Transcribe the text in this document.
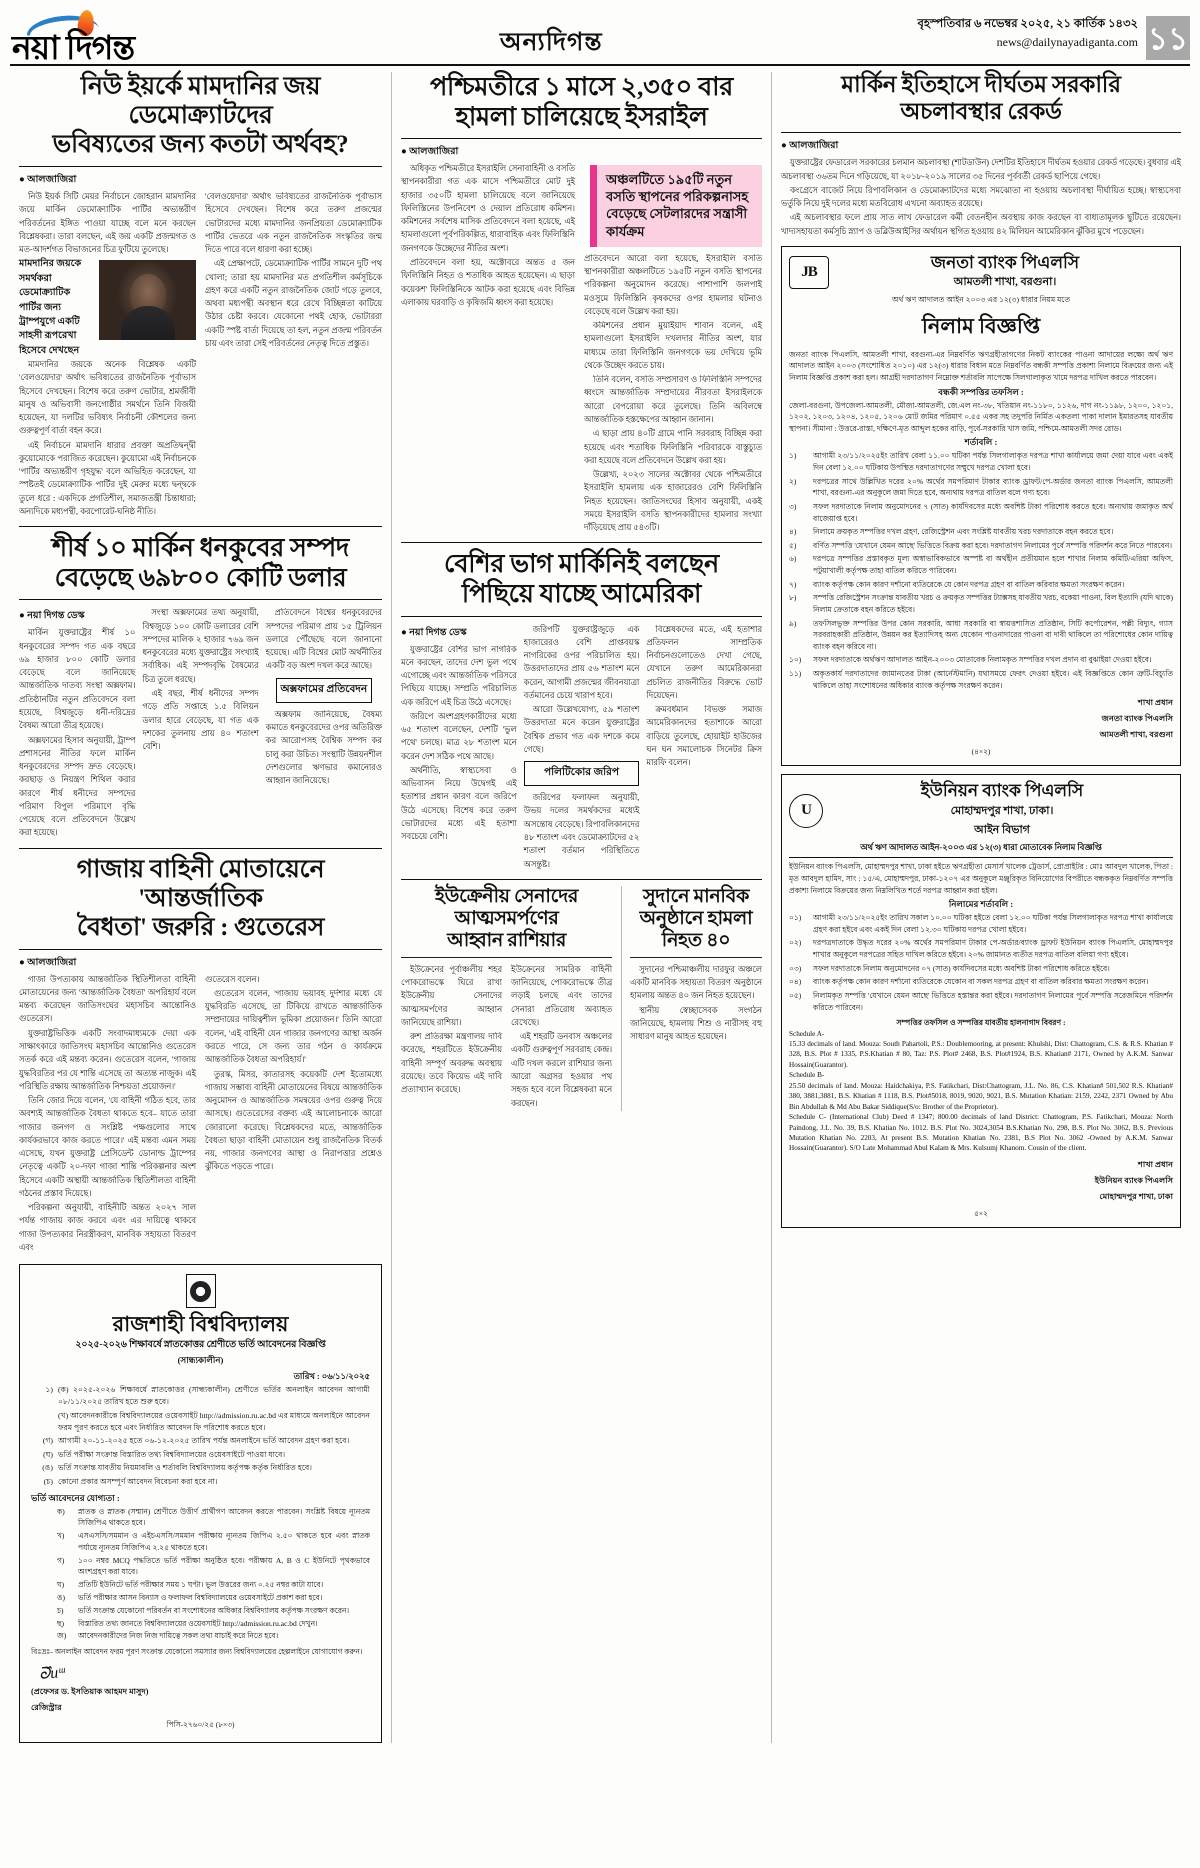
নয়া দিগন্ত	অন্যদিগন্ত
বৃহস্পতিবার ৬ নভেম্বর ২০২৫, ২১ কার্তিক ১৪৩২
news@dailynayadiganta.com ১১
নিউ ইয়র্কে মামদানির জয় ডেমোক্র্যাটদের
ভবিষ্যতের জন্য কতটা অর্থবহ?
● আলজাজিরা

নিউ ইয়র্ক সিটি মেয়র নির্বাচনে জোহরান মামদানির জয়ে মার্কিন ডেমোক্র্যাটিক পার্টির অভ্যন্তরীণ পরিবর্তনের ইঙ্গিত পাওয়া যাচ্ছে বলে মনে করছেন বিশ্লেষকরা। তারা বলছেন, এই জয় একটি প্রজন্মগত ও মত-আদর্শগত বিভাজনের চিত্র ফুটিয়ে তুলেছে।

মামদানির জয়কে সমর্থকরা ডেমোক্র্যাটিক পার্টির জন্য ট্রাম্পযুগে একটি সাহসী রূপরেখা হিসেবে দেখছেন

মামদানির জয়কে অনেক বিশ্লেষক একটি 'বেলওয়েদার' অর্থাৎ ভবিষ্যতের রাজনৈতিক পূর্বাভাস হিসেবে দেখছেন। বিশেষ করে তরুণ ভোটার, শ্রমজীবী মানুষ ও অভিবাসী জনগোষ্ঠীর সমর্থনে তিনি বিজয়ী হয়েছেন, যা দলটির ভবিষ্যৎ নির্বাচনী কৌশলের জন্য গুরুত্বপূর্ণ বার্তা বহন করে।

এই নির্বাচনে মামদানি ধারার প্রবক্তা অপ্রতিদ্বন্দ্বী কুয়োমোকে পরাজিত করেছেন। কুয়োমো এই নির্বাচনকে 'পার্টির অভ্যন্তরীণ গৃহযুদ্ধ' বলে অভিহিত করেছেন, যা স্পষ্টতই ডেমোক্র্যাটিক পার্টির দুই মেরুর মধ্যে দ্বন্দ্বকে তুলে ধরে : একদিকে প্রগতিশীল, সমাজতন্ত্রী চিন্তাধারা; অন্যদিকে মধ্যপন্থী, করপোরেট-ঘনিষ্ঠ নীতি।

'বেলওয়েদার' অর্থাৎ ভবিষ্যতের রাজনৈতিক পূর্বাভাস হিসেবে দেখছেন। বিশেষ করে তরুণ প্রজন্মের ভোটারদের মধ্যে মামদানির জনপ্রিয়তা ডেমোক্র্যাটিক পার্টির ভেতরে এক নতুন রাজনৈতিক সংস্কৃতির জন্ম দিতে পারে বলে ধারণা করা হচ্ছে।

এই প্রেক্ষাপটে, ডেমোক্র্যাটিক পার্টির সামনে দুটি পথ খোলা; তারা হয় মামদানির মত প্রগতিশীল কর্মসূচিকে গ্রহণ করে একটি নতুন রাজনৈতিক জোট গড়ে তুলবে, অথবা মধ্যপন্থী অবস্থান ধরে রেখে বিচ্ছিন্নতা কাটিয়ে উঠার চেষ্টা করবে। যেকোনো পথই হোক, ভোটাররা একটি স্পষ্ট বার্তা দিয়েছে তা হল, নতুন প্রজন্ম পরিবর্তন চায় এবং তারা সেই পরিবর্তনের নেতৃত্ব দিতে প্রস্তুত।

শীর্ষ ১০ মার্কিন ধনকুবের সম্পদ
বেড়েছে ৬৯৮০০ কোটি ডলার
● নয়া দিগন্ত ডেস্ক

মার্কিন যুক্তরাষ্ট্রের শীর্ষ ১০ ধনকুবেরের সম্পদ গত এক বছরে ৬৯ হাজার ৮০০ কোটি ডলার বেড়েছে বলে জানিয়েছে আন্তর্জাতিক দাতব্য সংস্থা অক্সফাম। প্রতিষ্ঠানটির নতুন প্রতিবেদনে বলা হয়েছে, বিশ্বজুড়ে ধনী-দরিদ্রের বৈষম্য আরো তীব্র হয়েছে।

অক্সফামের হিসাব অনুযায়ী, ট্রাম্প প্রশাসনের নীতির ফলে মার্কিন ধনকুবেরদের সম্পদ দ্রুত বেড়েছে। করছাড় ও নিয়ন্ত্রণ শিথিল করার কারণে শীর্ষ ধনীদের সম্পদের পরিমাণ বিপুল পরিমাণে বৃদ্ধি পেয়েছে বলে প্রতিবেদনে উল্লেখ করা হয়েছে।

সংস্থা অক্সফামের তথ্য অনুযায়ী, বিশ্বজুড়ে ১০০ কোটি ডলারের বেশি সম্পদের মালিক ২ হাজার ৭৬৯ জন ধনকুবেরের মধ্যে যুক্তরাষ্ট্রের সংখ্যাই সর্বাধিক। এই সম্পদবৃদ্ধি বৈষম্যের চিত্র তুলে ধরছে।

এই বছর, শীর্ষ ধনীদের সম্পদ গড়ে প্রতি সপ্তাহে ১.৫ বিলিয়ন ডলার হারে বেড়েছে, যা গত এক দশকের তুলনায় প্রায় ৪০ শতাংশ বেশি।

প্রতিবেদনে বিশ্বের ধনকুবেরদের সম্পদের পরিমাণ প্রায় ১৫ ট্রিলিয়ন ডলারে পৌঁছেছে বলে জানানো হয়েছে। এটি বিশ্বের মোট অর্থনীতির একটি বড় অংশ দখল করে আছে।

অক্সফামের প্রতিবেদন

অক্সফাম জানিয়েছে, বৈষম্য কমাতে ধনকুবেরদের ওপর অতিরিক্ত কর আরোপসহ বৈশ্বিক সম্পদ কর চালু করা উচিত। সংস্থাটি উন্নয়নশীল দেশগুলোর ঋণভার কমানোরও আহ্বান জানিয়েছে।

গাজায় বাহিনী মোতায়েনে 'আন্তর্জাতিক
বৈধতা' জরুরি : গুতেরেস
● আলজাজিরা

গাজা উপত্যকায় আন্তর্জাতিক স্থিতিশীলতা বাহিনী মোতায়েনের জন্য 'আন্তর্জাতিক বৈধতা' অপরিহার্য বলে মন্তব্য করেছেন জাতিসংঘের মহাসচিব আন্তোনিও গুতেরেস।

যুক্তরাষ্ট্রভিত্তিক একটি সংবাদমাধ্যমকে দেয়া এক সাক্ষাৎকারে জাতিসংঘ মহাসচিব আন্তোনিও গুতেরেস সতর্ক করে এই মন্তব্য করেন। গুতেরেস বলেন, 'গাজায় যুদ্ধবিরতির পর যে শান্তি এসেছে তা অত্যন্ত নাজুক। এই পরিস্থিতি রক্ষায় আন্তর্জাতিক নিশ্চয়তা প্রয়োজন।'

তিনি জোর দিয়ে বলেন, 'যে বাহিনী গঠিত হবে, তার অবশ্যই আন্তর্জাতিক বৈধতা থাকতে হবে– যাতে তারা গাজার জনগণ ও সংশ্লিষ্ট পক্ষগুলোর সাথে কার্যকরভাবে কাজ করতে পারে।' এই মন্তব্য এমন সময় এসেছে, যখন যুক্তরাষ্ট্র প্রেসিডেন্ট ডোনাল্ড ট্রাম্পের নেতৃত্বে একটি ২০-দফা গাজা শান্তি পরিকল্পনার অংশ হিসেবে একটি অস্থায়ী আন্তর্জাতিক স্থিতিশীলতা বাহিনী গঠনের প্রস্তাব দিয়েছে।

পরিকল্পনা অনুযায়ী, বাহিনীটি অন্তত ২০২৭ সাল পর্যন্ত গাজায় কাজ করবে এবং এর দায়িত্বে থাকবে গাজা উপত্যকার নিরস্ত্রীকরণ, মানবিক সহায়তা বিতরণ এবং

গুতেরেস বলেন।

গুতেরেস বলেন, 'গাজায় ভয়াবহ দুর্দশার মধ্যে যে যুদ্ধবিরতি এসেছে, তা টিকিয়ে রাখতে আন্তর্জাতিক সম্প্রদায়ের দায়িত্বশীল ভূমিকা প্রয়োজন।' তিনি আরো বলেন, 'এই বাহিনী যেন গাজার জনগণের আস্থা অর্জন করতে পারে, সে জন্য তার গঠন ও কার্যক্রমে আন্তর্জাতিক বৈধতা অপরিহার্য।'

তুরস্ক, মিসর, কাতারসহ কয়েকটি দেশ ইতোমধ্যে গাজায় সম্ভাব্য বাহিনী মোতায়েনের বিষয়ে আন্তর্জাতিক অনুমোদন ও আন্তর্জাতিক সমন্বয়ের ওপর গুরুত্ব দিয়ে আসছে। গুতেরেসের বক্তব্য এই আলোচনাকে আরো জোরালো করেছে। বিশ্লেষকদের মতে, আন্তর্জাতিক বৈধতা ছাড়া বাহিনী মোতায়েন শুধু রাজনৈতিক বিতর্ক নয়, গাজার জনগণের আস্থা ও নিরাপত্তার প্রশ্নেও ঝুঁকিতে পড়তে পারে।

রাজশাহী বিশ্ববিদ্যালয়
২০২৫-২০২৬ শিক্ষাবর্ষে স্নাতকোত্তর শ্রেণীতে ভর্তি আবেদনের বিজ্ঞপ্তি
(সান্ধ্যকালীন)
তারিখ : ০৬/১১/২০২৫
১) (ক) ২০২৫-২০২৬ শিক্ষাবর্ষে স্নাতকোত্তর (সান্ধ্যকালীন) শ্রেণীতে ভর্তির অনলাইন আবেদন আগামী ০৮/১১/২০২৫ তারিখ হতে শুরু হবে।
(খ) আবেদনকারীকে বিশ্ববিদ্যালয়ের ওয়েবসাইট http://admission.ru.ac.bd এর মাধ্যমে অনলাইনে আবেদন ফরম পূরণ করতে হবে এবং নির্ধারিত আবেদন ফি পরিশোধ করতে হবে।
(গ) আগামী ২০-১১-২০২৫ হতে ০৬-১২-২০২৫ তারিখ পর্যন্ত অনলাইনে ভর্তি আবেদন গ্রহণ করা হবে।
(ঘ) ভর্তি পরীক্ষা সংক্রান্ত বিস্তারিত তথ্য বিশ্ববিদ্যালয়ের ওয়েবসাইটে পাওয়া যাবে।
(ঙ) ভর্তি সংক্রান্ত যাবতীয় নিয়মাবলি ও শর্তাবলি বিশ্ববিদ্যালয় কর্তৃপক্ষ কর্তৃক নির্ধারিত হবে।
(চ) কোনো প্রকার অসম্পূর্ণ আবেদন বিবেচনা করা হবে না।
ভর্তি আবেদনের যোগ্যতা :
ক)	স্নাতক ও স্নাতক (সম্মান) শ্রেণীতে উত্তীর্ণ প্রার্থীগণ আবেদন করতে পারবেন। সংশ্লিষ্ট বিষয়ে ন্যূনতম সিজিপিএ থাকতে হবে।
খ)	এসএসসি/সমমান ও এইচএসসি/সমমান পরীক্ষায় ন্যূনতম জিপিএ ২.৫০ থাকতে হবে এবং স্নাতক পর্যায়ে ন্যূনতম সিজিপিএ ২.২৫ থাকতে হবে।
গ)	১০০ নম্বর MCQ পদ্ধতিতে ভর্তি পরীক্ষা অনুষ্ঠিত হবে। পরীক্ষায় A, B ও C ইউনিটে পৃথকভাবে অংশগ্রহণ করা যাবে।
ঘ)	প্রতিটি ইউনিটে ভর্তি পরীক্ষার সময় ১ ঘণ্টা। ভুল উত্তরের জন্য ০.২৫ নম্বর কাটা যাবে।
ঙ)	ভর্তি পরীক্ষার আসন বিন্যাস ও ফলাফল বিশ্ববিদ্যালয়ের ওয়েবসাইটে প্রকাশ করা হবে।
চ)	ভর্তি সংক্রান্ত যেকোনো পরিবর্তন বা সংশোধনের অধিকার বিশ্ববিদ্যালয় কর্তৃপক্ষ সংরক্ষণ করেন।
ছ)	বিস্তারিত তথ্য জানতে বিশ্ববিদ্যালয়ের ওয়েবসাইট http://admission.ru.ac.bd দেখুন।
জ)	আবেদনকারীদের নিজ নিজ দায়িত্বে সকল তথ্য যাচাই করে নিতে হবে।

বিঃদ্রঃ- অনলাইন আবেদন ফরম পূরণ সংক্রান্ত যেকোনো সমস্যার জন্য বিশ্ববিদ্যালয়ের হেল্পলাইনে যোগাযোগ করুন।

ᘐ᷈ᴎᵚ
(প্রফেসর ড. ইসতিয়াক আহমদ মাসুদ)
রেজিস্ট্রার
পিসি-২৭৬০/২৫ (৮×৩)
পশ্চিমতীরে ১ মাসে ২,৩৫০ বার
হামলা চালিয়েছে ইসরাইল
● আলজাজিরা

অধিকৃত পশ্চিমতীরে ইসরাইলি সেনাবাহিনী ও বসতি স্থাপনকারীরা গত এক মাসে পশ্চিমতীরে মোট দুই হাজার ৩৫০টি হামলা চালিয়েছে বলে জানিয়েছে ফিলিস্তিনের উপনিবেশ ও দেয়াল প্রতিরোধ কমিশন। কমিশনের সর্বশেষ মাসিক প্রতিবেদনে বলা হয়েছে, এই হামলাগুলো পূর্বপরিকল্পিত, ধারাবাহিক এবং ফিলিস্তিনি জনগণকে উচ্ছেদের নীতির অংশ।

প্রতিবেদনে বলা হয়, অক্টোবরে অন্তত ৫ জন ফিলিস্তিনি নিহত ও শতাধিক আহত হয়েছেন। এ ছাড়া কয়েকশ' ফিলিস্তিনিকে আটক করা হয়েছে এবং বিভিন্ন এলাকায় ঘরবাড়ি ও কৃষিজমি ধ্বংস করা হয়েছে।

অঞ্চলটিতে ১৯৫টি নতুন বসতি স্থাপনের পরিকল্পনাসহ বেড়েছে সেটলারদের সন্ত্রাসী কার্যক্রম

প্রতিবেদনে আরো বলা হয়েছে, ইসরাইলি বসতি স্থাপনকারীরা অঞ্চলটিতে ১৯৫টি নতুন বসতি স্থাপনের পরিকল্পনা অনুমোদন করেছে। পাশাপাশি জলপাই মওসুমে ফিলিস্তিনি কৃষকদের ওপর হামলার ঘটনাও বেড়েছে বলে উল্লেখ করা হয়।

কমিশনের প্রধান মুয়াইয়াদ শাবান বলেন, এই হামলাগুলো ইসরাইলি দখলদার নীতির অংশ, যার মাধ্যমে তারা ফিলিস্তিনি জনগণকে ভয় দেখিয়ে ভূমি থেকে উচ্ছেদ করতে চায়।

তিনি বলেন, বসতি সম্প্রসারণ ও ফিলিস্তিনি সম্পদের ধ্বংসে আন্তর্জাতিক সম্প্রদায়ের নীরবতা ইসরাইলকে আরো বেপরোয়া করে তুলেছে। তিনি অবিলম্বে আন্তর্জাতিক হস্তক্ষেপের আহ্বান জানান।

এ ছাড়া প্রায় ৪০টি গ্রামে পানি সরবরাহ বিচ্ছিন্ন করা হয়েছে এবং শতাধিক ফিলিস্তিনি পরিবারকে বাস্তুচ্যুত করা হয়েছে বলে প্রতিবেদনে উল্লেখ করা হয়।

উল্লেখ্য, ২০২৩ সালের অক্টোবর থেকে পশ্চিমতীরে ইসরাইলি হামলায় এক হাজারেরও বেশি ফিলিস্তিনি নিহত হয়েছেন। জাতিসংঘের হিসাব অনুযায়ী, একই সময়ে ইসরাইলি বসতি স্থাপনকারীদের হামলার সংখ্যা দাঁড়িয়েছে প্রায় ৫৪৩টি।

বেশির ভাগ মার্কিনিই বলছেন
পিছিয়ে যাচ্ছে আমেরিকা
● নয়া দিগন্ত ডেস্ক

যুক্তরাষ্ট্রের বেশির ভাগ নাগরিক মনে করছেন, তাদের দেশ ভুল পথে এগোচ্ছে এবং আন্তর্জাতিক পরিসরে পিছিয়ে যাচ্ছে। সম্প্রতি পরিচালিত এক জরিপে এই চিত্র উঠে এসেছে।

জরিপে অংশগ্রহণকারীদের মধ্যে ৬৫ শতাংশ বলেছেন, দেশটি 'ভুল পথে' চলছে। মাত্র ২৮ শতাংশ মনে করেন দেশ সঠিক পথে আছে।

অর্থনীতি, স্বাস্থ্যসেবা ও অভিবাসন নিয়ে উদ্বেগই এই হতাশার প্রধান কারণ বলে জরিপে উঠে এসেছে। বিশেষ করে তরুণ ভোটারদের মধ্যে এই হতাশা সবচেয়ে বেশি।

জরিপটি যুক্তরাষ্ট্রজুড়ে এক হাজারেরও বেশি প্রাপ্তবয়স্ক নাগরিকের ওপর পরিচালিত হয়। উত্তরদাতাদের প্রায় ৫৬ শতাংশ মনে করেন, আগামী প্রজন্মের জীবনযাত্রা বর্তমানের চেয়ে খারাপ হবে।

আরো উল্লেখযোগ্য, ৫৯ শতাংশ উত্তরদাতা মনে করেন যুক্তরাষ্ট্রের বৈশ্বিক প্রভাব গত এক দশকে কমে গেছে।

পলিটিকোর জরিপ

জরিপের ফলাফল অনুযায়ী, উভয় দলের সমর্থকদের মধ্যেই অসন্তোষ বেড়েছে। রিপাবলিকানদের ৪৮ শতাংশ এবং ডেমোক্র্যাটদের ৫২ শতাংশ বর্তমান পরিস্থিতিতে অসন্তুষ্ট।

বিশ্লেষকদের মতে, এই হতাশার প্রতিফলন সাম্প্রতিক নির্বাচনগুলোতেও দেখা গেছে, যেখানে তরুণ আমেরিকানরা প্রচলিত রাজনীতির বিরুদ্ধে ভোট দিয়েছেন।

ক্রমবর্ধমান বিভক্ত সমাজ আমেরিকানদের হতাশাকে আরো বাড়িয়ে তুলেছে, হোয়াইট হাউজের ঘন ঘন সমালোচক সিনেটর ক্রিস মারফি বলেন।

ইউক্রেনীয় সেনাদের আত্মসমর্পণের
আহ্বান রাশিয়ার

ইউক্রেনের পূর্বাঞ্চলীয় শহর পোকরোভস্কে ঘিরে রাখা ইউক্রেনীয় সেনাদের আত্মসমর্পণের আহ্বান জানিয়েছে রাশিয়া।

রুশ প্রতিরক্ষা মন্ত্রণালয় দাবি করেছে, শহরটিতে ইউক্রেনীয় বাহিনী সম্পূর্ণ অবরুদ্ধ অবস্থায় রয়েছে। তবে কিয়েভ এই দাবি প্রত্যাখ্যান করেছে।

ইউক্রেনের সামরিক বাহিনী জানিয়েছে, পোকরোভস্কে তীব্র লড়াই চলছে এবং তাদের সেনারা প্রতিরোধ অব্যাহত রেখেছে।

এই শহরটি ডনবাস অঞ্চলের একটি গুরুত্বপূর্ণ সরবরাহ কেন্দ্র। এটি দখল করলে রাশিয়ার জন্য আরো অগ্রসর হওয়ার পথ সহজ হবে বলে বিশ্লেষকরা মনে করছেন।

সুদানে মানবিক
অনুষ্ঠানে হামলা
নিহত ৪০

সুদানের পশ্চিমাঞ্চলীয় দারফুর অঞ্চলে একটি মানবিক সহায়তা বিতরণ অনুষ্ঠানে হামলায় অন্তত ৪০ জন নিহত হয়েছেন।

স্থানীয় স্বেচ্ছাসেবক সংগঠন জানিয়েছে, হামলায় শিশু ও নারীসহ বহু সাধারণ মানুষ আহত হয়েছেন।

মার্কিন ইতিহাসে দীর্ঘতম সরকারি
অচলাবস্থার রেকর্ড
● আলজাজিরা

যুক্তরাষ্ট্রের ফেডারেল সরকারের চলমান অচলাবস্থা (শাটডাউন) দেশটির ইতিহাসে দীর্ঘতম হওয়ার রেকর্ড গড়েছে। বুধবার এই অচলাবস্থা ৩৬তম দিনে গড়িয়েছে, যা ২০১৮-২০১৯ সালের ৩৫ দিনের পূর্ববর্তী রেকর্ড ছাপিয়ে গেছে।

কংগ্রেসে বাজেট নিয়ে রিপাবলিকান ও ডেমোক্র্যাটদের মধ্যে সমঝোতা না হওয়ায় অচলাবস্থা দীর্ঘায়িত হচ্ছে। স্বাস্থ্যসেবা ভর্তুকি নিয়ে দুই দলের মধ্যে মতবিরোধ এখনো অব্যাহত রয়েছে।

এই অচলাবস্থার ফলে প্রায় সাত লাখ ফেডারেল কর্মী বেতনহীন অবস্থায় কাজ করছেন বা বাধ্যতামূলক ছুটিতে রয়েছেন। খাদ্যসহায়তা কর্মসূচি স্ন্যাপ ও ডব্লিউআইসির অর্থায়ন স্থগিত হওয়ায় ৪২ মিলিয়ন আমেরিকান ঝুঁকির মুখে পড়েছেন।

JB
জনতা ব্যাংক পিএলসি
আমতলী শাখা, বরগুনা।
অর্থ ঋণ আদালত আইন ২০০৩ এর ১২(৩) ধারার নিয়ম মতে
নিলাম বিজ্ঞপ্তি

জনতা ব্যাংক পিএলসি, আমতলী শাখা, বরগুনা-এর নিম্নবর্ণিত ঋণগ্রহীতাগণের নিকট ব্যাংকের পাওনা আদায়ের লক্ষ্যে অর্থ ঋণ আদালত আইন ২০০৩ (সংশোধিত ২০১০) এর ১২(৩) ধারার বিধান মতে নিম্নবর্ণিত বন্ধকী সম্পত্তি প্রকাশ্য নিলামে বিক্রয়ের জন্য এই নিলাম বিজ্ঞপ্তি প্রকাশ করা হল। আগ্রহী দরদাতাগণ নিম্নোক্ত শর্তাবলি সাপেক্ষে সিলগালাকৃত খামে দরপত্র দাখিল করতে পারবেন।

বন্ধকী সম্পত্তির তফসিল :

জেলা-বরগুনা, উপজেলা-আমতলী, মৌজা-আমতলী, জে.এল নং-৩৮, খতিয়ান নং-১১৮০, ১১২৬, দাগ নং-১১৯৮, ১২০০, ১২০১, ১২০২, ১২০৩, ১২০৪, ১২০৫, ১২০৬ মোট জমির পরিমাণ ০.৫৫ একর সহ তদুপরি নির্মিত একতলা পাকা দালান ইমারতসহ যাবতীয় স্থাপনা। সীমানা : উত্তরে-রাস্তা, দক্ষিণে-মৃত আব্দুল হকের বাড়ি, পূর্বে-সরকারি খাস জমি, পশ্চিমে-আমতলী সদর রোড।

শর্তাবলি :
১)	আগামী ২৩/১১/২০২৫ইং তারিখ বেলা ১১.০০ ঘটিকা পর্যন্ত সিলগালাকৃত দরপত্র শাখা কার্যালয়ে জমা দেয়া যাবে এবং একই দিন বেলা ১২.০০ ঘটিকায় উপস্থিত দরদাতাগণের সম্মুখে দরপত্র খোলা হবে।
২)	দরপত্রের সাথে উল্লিখিত দরের ২০% অর্থের সমপরিমাণ টাকার ব্যাংক ড্রাফট/পে-অর্ডার জনতা ব্যাংক পিএলসি, আমতলী শাখা, বরগুনা-এর অনুকূলে জমা দিতে হবে, অন্যথায় দরপত্র বাতিল বলে গণ্য হবে।
৩)	সফল দরদাতাকে নিলাম অনুমোদনের ৭ (সাত) কার্যদিবসের মধ্যে অবশিষ্ট টাকা পরিশোধ করতে হবে। অন্যথায় জমাকৃত অর্থ বাজেয়াপ্ত হবে।
৪)	নিলামে ক্রয়কৃত সম্পত্তির দখল গ্রহণ, রেজিস্ট্রেশন এবং সংশ্লিষ্ট যাবতীয় খরচ দরদাতাকে বহন করতে হবে।
৫)	বর্ণিত সম্পত্তি 'যেখানে যেমন আছে' ভিত্তিতে বিক্রয় করা হবে। দরদাতাগণ নিলামের পূর্বে সম্পত্তি পরিদর্শন করে নিতে পারবেন।
৬)	দরপত্রে সম্পত্তির প্রস্তাবকৃত মূল্য অস্বাভাবিকভাবে অস্পষ্ট বা অর্থহীন প্রতীয়মান হলে শাখার নিলাম কমিটি/এরিয়া অফিস, পটুয়াখালী কর্তৃপক্ষ তাহা বাতিল করিতে পারিবেন।
৭)	ব্যাংক কর্তৃপক্ষ কোন কারণ দর্শানো ব্যতিরেকে যে কোন দরপত্র গ্রহণ বা বাতিল করিবার ক্ষমতা সংরক্ষণ করেন।
৮)	সম্পত্তি রেজিস্ট্রেশন সংক্রান্ত যাবতীয় খরচ ও ক্রয়কৃত সম্পত্তির ট্যাক্সসহ যাবতীয় খরচ, বকেয়া পাওনা, বিল ইত্যাদি (যদি থাকে) নিলাম ক্রেতাকে বহন করিতে হইবে।
৯)	তফসিলভুক্ত সম্পত্তির উপর কোন সরকারি, আধা সরকারি বা স্বায়ত্তশাসিত প্রতিষ্ঠান, সিটি কর্পোরেশন, পল্লী বিদ্যুৎ, গ্যাস সরবরাহকারী প্রতিষ্ঠান, উন্নয়ন কর ইত্যাদিসহ অন্য যেকোন পাওনাদারের পাওনা বা দাবী থাকিলে তা পরিশোধের কোন দায়িত্ব ব্যাংক বহন করিবে না।
১০)	সফল দরদাতাকে অর্থঋণ আদালত আইন-২০০৩ মোতাবেক নিলামকৃত সম্পত্তির দখল প্রদান বা বুঝাইয়া দেওয়া হইবে।
১১)	অকৃতকার্য দরদাতাদের জামানতের টাকা (আর্নেস্টমানি) যথাসময়ে ফেরৎ দেওয়া হইবে। এই বিজ্ঞপ্তিতে কোন ত্রুটি-বিচ্যুতি থাকিলে তাহা সংশোধনের অধিকার ব্যাংক কর্তৃপক্ষ সংরক্ষণ করেন।
শাখা প্রধান
জনতা ব্যাংক পিএলসি
আমতলী শাখা, বরগুনা
(৪×২)
U
ইউনিয়ন ব্যাংক পিএলসি
মোহাম্মদপুর শাখা, ঢাকা।
আইন বিভাগ
অর্থ ঋণ আদালত আইন-২০০৩ এর ১২(৩) ধারা মোতাবেক নিলাম বিজ্ঞপ্তি

ইউনিয়ন ব্যাংক পিএলসি, মোহাম্মদপুর শাখা, ঢাকা হইতে ঋণগ্রহীতা মেসার্স খালেক ট্রেডার্স, প্রোপ্রাইটর : মোঃ আবদুল খালেক, পিতা : মৃত আবদুল হামিদ, সাং : ১৫/এ, মোহাম্মদপুর, ঢাকা-১২০৭ এর অনুকূলে মঞ্জুরিকৃত বিনিয়োগের বিপরীতে বন্ধককৃত নিম্নবর্ণিত সম্পত্তি প্রকাশ্য নিলামে বিক্রয়ের জন্য নিম্নলিখিত শর্তে দরপত্র আহ্বান করা হইল।

নিলামের শর্তাবলি :
০১)	আগামী ২৩/১১/২০২৫ইং তারিখ সকাল ১০.০০ ঘটিকা হইতে বেলা ১২.০০ ঘটিকা পর্যন্ত সিলগালাকৃত দরপত্র শাখা কার্যালয়ে গ্রহণ করা হইবে এবং একই দিন বেলা ১২.৩০ ঘটিকায় দরপত্র খোলা হইবে।
০২)	দরপত্রদাতাকে উদ্ধৃত দরের ২০% অর্থের সমপরিমাণ টাকার পে-অর্ডার/ব্যাংক ড্রাফট ইউনিয়ন ব্যাংক পিএলসি, মোহাম্মদপুর শাখার অনুকূলে দরপত্রের সহিত দাখিল করিতে হইবে। ২০% জামানত ব্যতীত দরপত্র বাতিল বলিয়া গণ্য হইবে।
০৩)	সফল দরদাতাকে নিলাম অনুমোদনের ০৭ (সাত) কার্যদিবসের মধ্যে অবশিষ্ট টাকা পরিশোধ করিতে হইবে।
০৪)	ব্যাংক কর্তৃপক্ষ কোন কারণ দর্শানো ব্যতিরেকে যেকোন বা সকল দরপত্র গ্রহণ বা বাতিল করিবার ক্ষমতা সংরক্ষণ করেন।
০৫)	নিলামকৃত সম্পত্তি 'যেখানে যেমন আছে' ভিত্তিতে হস্তান্তর করা হইবে। দরদাতাগণ নিলামের পূর্বে সম্পত্তি সরেজমিনে পরিদর্শন করিতে পারিবেন।
সম্পত্তির তফসিল ও সম্পত্তির যাবতীয় হালনাগাদ বিবরণ :

Schedule A-

15.33 decimals of land. Mouza: South Pahartoli, P.S.: Doublemooring, at present: Khulshi, Dist: Chattogram, C.S. & R.S. Khatian # 328, B.S. Plot # 1335, P.S.Khatian # 80, Taz: P.S. Plot# 2468, B.S. Plot#1924, B.S. Khatian# 2171, Owned by A.K.M. Sanwar Hossain(Guarantor).

Schedule B-

25.50 decimals of land. Mouza: Haidchakiya, P.S. Fatikchari, Dist:Chattogram, J.L. No. 86, C.S. Khatian# 501,502 R.S. Khatian# 380, 3881,3881, B.S. Khatian # 1118, B.S. Plot#5018, 8019, 9020, 9021, B.S. Mutation Khatian: 2159, 2242, 2371 Owned by Abu Bin Abdullah & Md Abu Bakar Siddique(S/o: Brother of the Proprietor).

Schedule C- (International Club) Deed # 1347; 800.00 decimals of land District: Chattogram, P.S. Fatikchari, Mouza: North Paindong, J.L. No. 39, B.S. Khatian No. 1012. B.S. Plot No. 3024,3054 B.S.Khatian No. 298, B.S. Plot No. 3062, B.S. Previous Mutation Khatian No. 2203, At present B.S. Mutation Khatian No. 2381, B.S Plot No. 3062 -Owned by A.K.M. Sanwar Hossain(Guarantor). S/O Late Mohammad Abul Kalam & Mrs. Kulsumj Khanom. Cousin of the client.

শাখা প্রধান
ইউনিয়ন ব্যাংক পিএলসি
মোহাম্মদপুর শাখা, ঢাকা
৫×২
